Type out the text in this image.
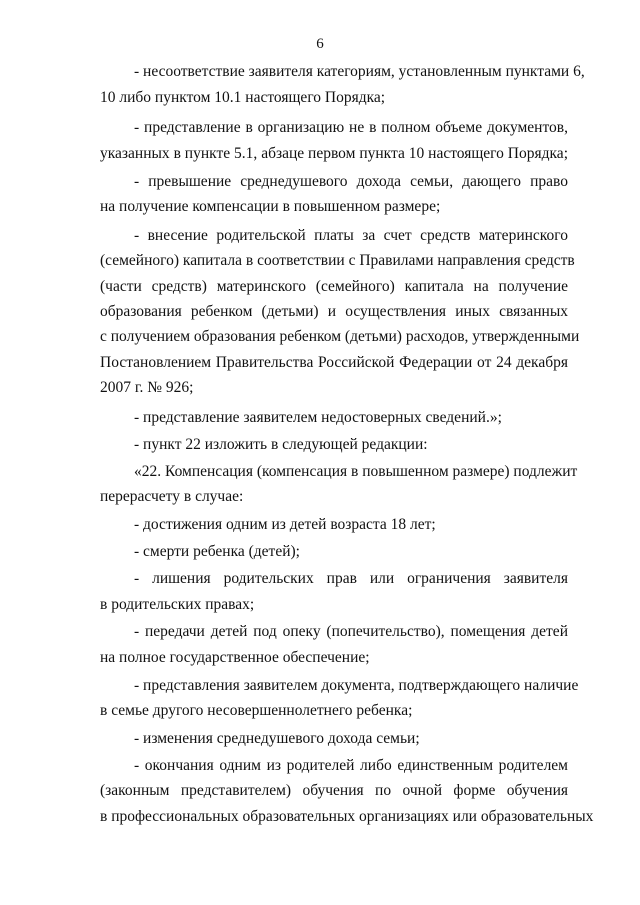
6
- несоответствие заявителя категориям, установленным пунктами 6,
10 либо пунктом 10.1 настоящего Порядка;
- представление в организацию не в полном объеме документов,
указанных в пункте 5.1, абзаце первом пункта 10 настоящего Порядка;
- превышение среднедушевого дохода семьи, дающего право
на получение компенсации в повышенном размере;
- внесение родительской платы за счет средств материнского
(семейного) капитала в соответствии с Правилами направления средств
(части средств) материнского (семейного) капитала на получение
образования ребенком (детьми) и осуществления иных связанных
с получением образования ребенком (детьми) расходов, утвержденными
Постановлением Правительства Российской Федерации от 24 декабря
2007 г. № 926;
- представление заявителем недостоверных сведений.»;
- пункт 22 изложить в следующей редакции:
«22. Компенсация (компенсация в повышенном размере) подлежит
перерасчету в случае:
- достижения одним из детей возраста 18 лет;
- смерти ребенка (детей);
- лишения родительских прав или ограничения заявителя
в родительских правах;
- передачи детей под опеку (попечительство), помещения детей
на полное государственное обеспечение;
- представления заявителем документа, подтверждающего наличие
в семье другого несовершеннолетнего ребенка;
- изменения среднедушевого дохода семьи;
- окончания одним из родителей либо единственным родителем
(законным представителем) обучения по очной форме обучения
в профессиональных образовательных организациях или образовательных
